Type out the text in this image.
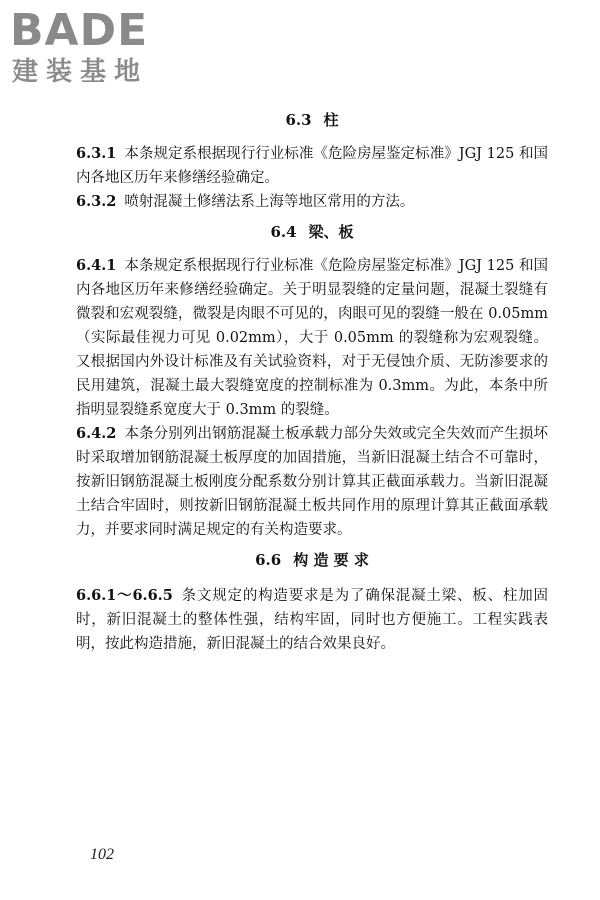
BADE
建装基地
6.3 柱

6.3.1 本条规定系根据现行行业标准《危险房屋鉴定标准》JGJ 125 和国内各地区历年来修缮经验确定。

6.3.2 喷射混凝土修缮法系上海等地区常用的方法。

6.4 梁、板

6.4.1 本条规定系根据现行行业标准《危险房屋鉴定标准》JGJ 125 和国内各地区历年来修缮经验确定。关于明显裂缝的定量问题，混凝土裂缝有微裂和宏观裂缝，微裂是肉眼不可见的，肉眼可见的裂缝一般在 0.05mm（实际最佳视力可见 0.02mm），大于 0.05mm 的裂缝称为宏观裂缝。又根据国内外设计标准及有关试验资料，对于无侵蚀介质、无防渗要求的民用建筑，混凝土最大裂缝宽度的控制标准为 0.3mm。为此，本条中所指明显裂缝系宽度大于 0.3mm 的裂缝。

6.4.2 本条分别列出钢筋混凝土板承载力部分失效或完全失效而产生损坏时采取增加钢筋混凝土板厚度的加固措施，当新旧混凝土结合不可靠时，按新旧钢筋混凝土板刚度分配系数分别计算其正截面承载力。当新旧混凝土结合牢固时，则按新旧钢筋混凝土板共同作用的原理计算其正截面承载力，并要求同时满足规定的有关构造要求。

6.6 构 造 要 求

6.6.1～6.6.5 条文规定的构造要求是为了确保混凝土梁、板、柱加固时，新旧混凝土的整体性强，结构牢固，同时也方便施工。工程实践表明，按此构造措施，新旧混凝土的结合效果良好。

102
